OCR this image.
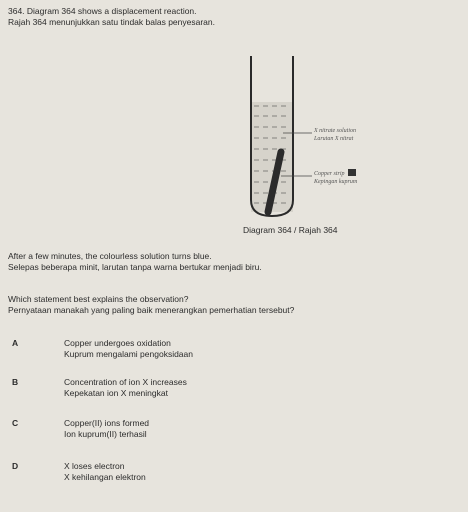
364. Diagram 364 shows a displacement reaction.
Rajah 364 menunjukkan satu tindak balas penyesaran.
X nitrate solution
Larutan X nitrat
Copper strip
Kepingan kuprum
Diagram 364 / Rajah 364
After a few minutes, the colourless solution turns blue.
Selepas beberapa minit, larutan tanpa warna bertukar menjadi biru.
Which statement best explains the observation?
Pernyataan manakah yang paling baik menerangkan pemerhatian tersebut?
A	Copper undergoes oxidation
Kuprum mengalami pengoksidaan
B	Concentration of ion X increases
Kepekatan ion X meningkat
C	Copper(II) ions formed
Ion kuprum(II) terhasil
D	X loses electron
X kehilangan elektron
